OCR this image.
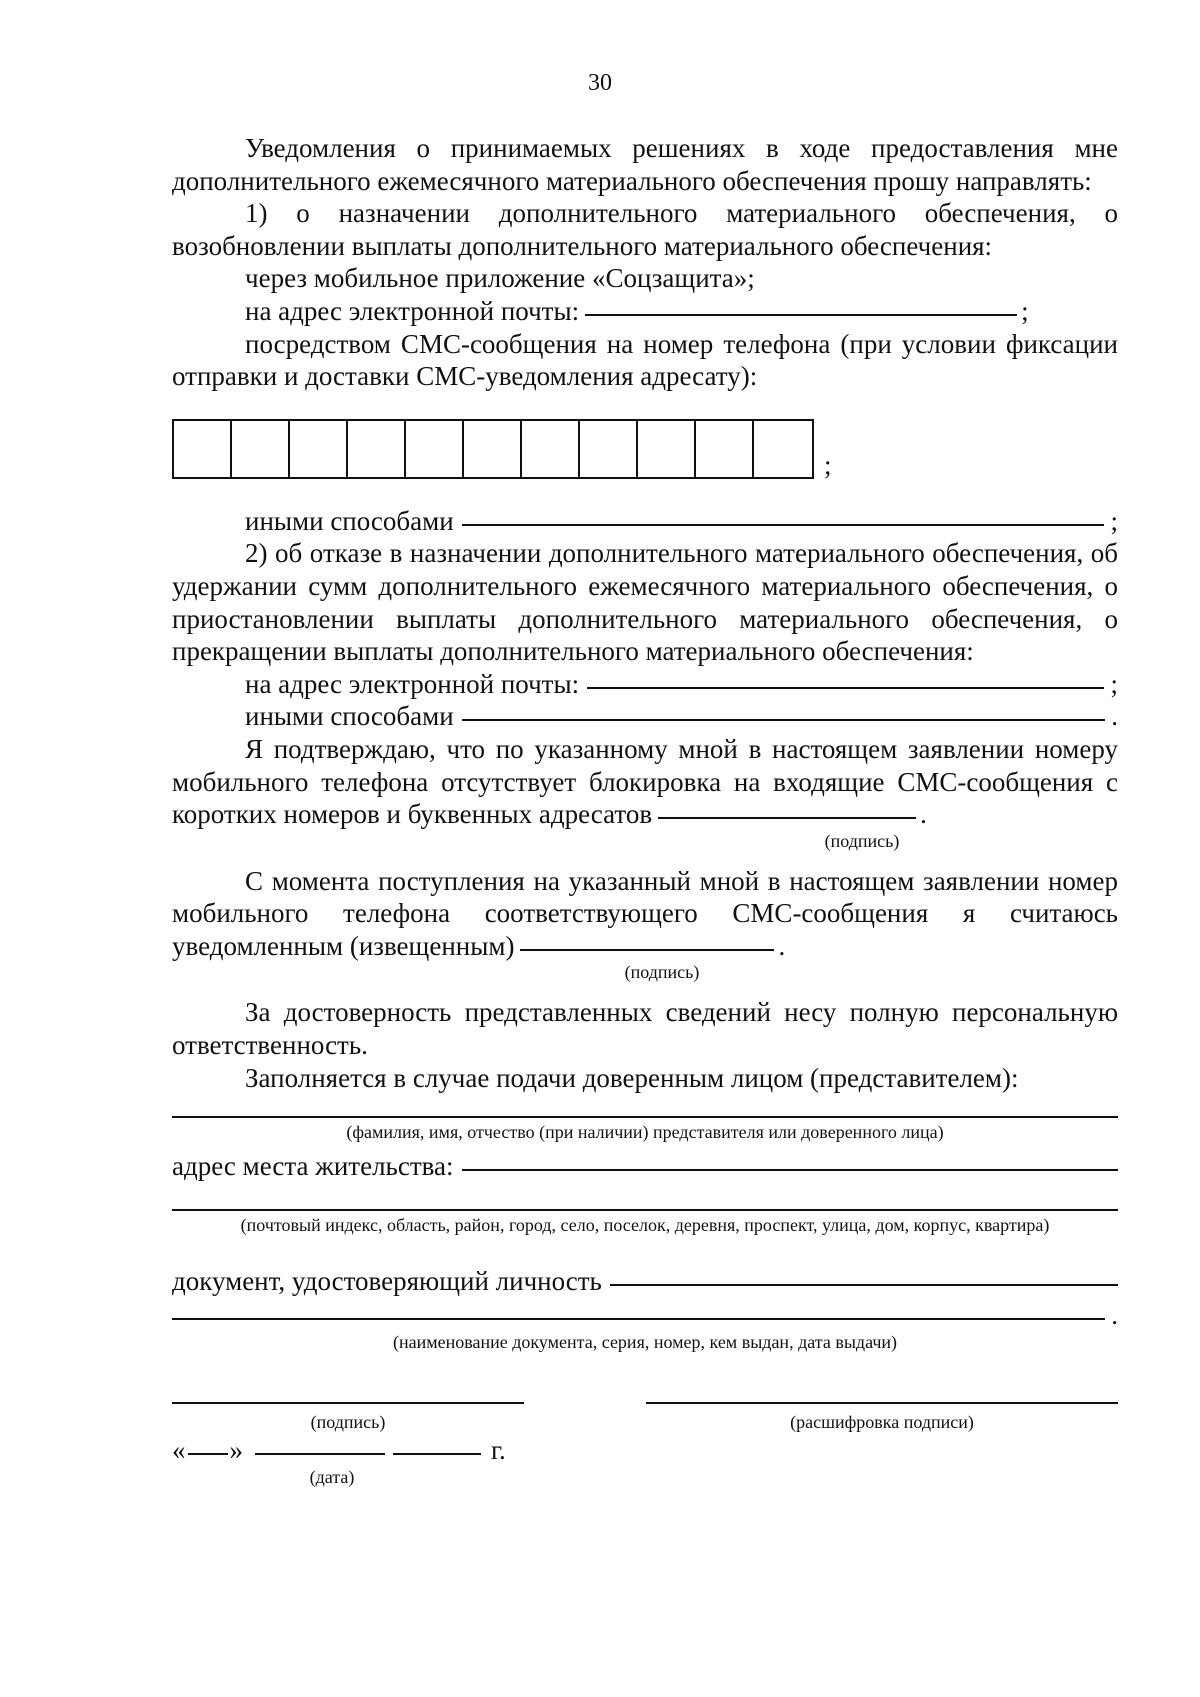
30

Уведомления о принимаемых решениях в ходе предоставления мне дополнительного ежемесячного материального обеспечения прошу направлять:

1) о назначении дополнительного материального обеспечения, о возобновлении выплаты дополнительного материального обеспечения:

через мобильное приложение «Соцзащита»;

на адрес электронной почты:	;

посредством СМС-сообщения на номер телефона (при условии фиксации отправки и доставки СМС-уведомления адресату):

;
иными способами	;

2) об отказе в назначении дополнительного материального обеспечения, об удержании сумм дополнительного ежемесячного материального обеспечения, о приостановлении выплаты дополнительного материального обеспечения, о прекращении выплаты дополнительного материального обеспечения:

на адрес электронной почты:	;
иными способами	.

Я подтверждаю, что по указанному мной в настоящем заявлении номеру мобильного телефона отсутствует блокировка на входящие СМС-сообщения с коротких номеров и буквенных адресатов	.

(подпись)

С момента поступления на указанный мной в настоящем заявлении номер мобильного телефона соответствующего СМС-сообщения я считаюсь уведомленным (извещенным)	.

(подпись)

За достоверность представленных сведений несу полную персональную ответственность.

Заполняется в случае подачи доверенным лицом (представителем):

(фамилия, имя, отчество (при наличии) представителя или доверенного лица)
адрес места жительства:
(почтовый индекс, область, район, город, село, поселок, деревня, проспект, улица, дом, корпус, квартира)
документ, удостоверяющий личность
.
(наименование документа, серия, номер, кем выдан, дата выдачи)
(подпись)	(расшифровка подписи)
« »	г.
(дата)
